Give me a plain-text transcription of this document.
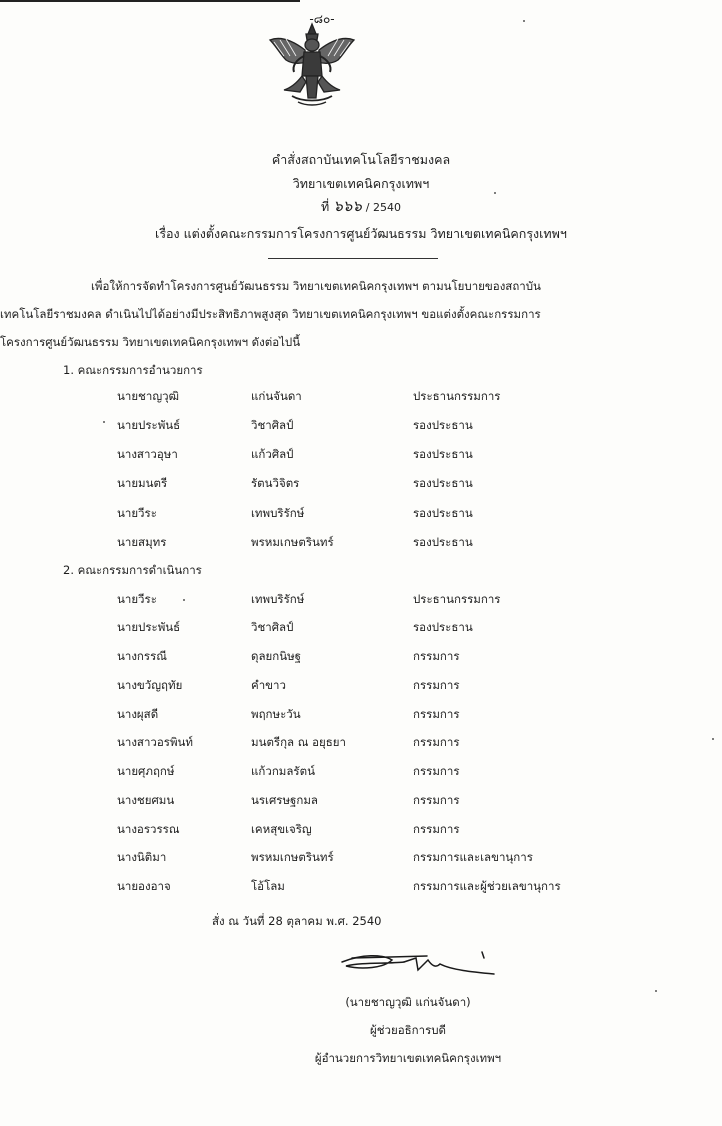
-๘๐-
คำสั่งสถาบันเทคโนโลยีราชมงคล
วิทยาเขตเทคนิคกรุงเทพฯ
ที่ ๖๖๖ / 2540
เรื่อง แต่งตั้งคณะกรรมการโครงการศูนย์วัฒนธรรม วิทยาเขตเทคนิคกรุงเทพฯ
เพื่อให้การจัดทำโครงการศูนย์วัฒนธรรม วิทยาเขตเทคนิคกรุงเทพฯ ตามนโยบายของสถาบัน
เทคโนโลยีราชมงคล ดำเนินไปได้อย่างมีประสิทธิภาพสูงสุด วิทยาเขตเทคนิคกรุงเทพฯ ขอแต่งตั้งคณะกรรมการ
โครงการศูนย์วัฒนธรรม วิทยาเขตเทคนิคกรุงเทพฯ ดังต่อไปนี้
1. คณะกรรมการอำนวยการ
นายชาญวุฒิ	แก่นจันดา	ประธานกรรมการ
นายประพันธ์	วิชาศิลป์	รองประธาน
นางสาวอุษา	แก้วศิลป์	รองประธาน
นายมนตรี	รัตนวิจิตร	รองประธาน
นายวีระ	เทพบริรักษ์	รองประธาน
นายสมุทร	พรหมเกษตรินทร์	รองประธาน
2. คณะกรรมการดำเนินการ
นายวีระ	เทพบริรักษ์	ประธานกรรมการ
นายประพันธ์	วิชาศิลป์	รองประธาน
นางกรรณี	ดุลยกนิษฐ	กรรมการ
นางขวัญฤทัย	คำขาว	กรรมการ
นางผุสดี	พฤกษะวัน	กรรมการ
นางสาวอรพินท์	มนตรีกุล ณ อยุธยา	กรรมการ
นายศุภฤกษ์	แก้วกมลรัตน์	กรรมการ
นางชยศมน	นรเศรษฐกมล	กรรมการ
นางอรวรรณ	เคหสุขเจริญ	กรรมการ
นางนิติมา	พรหมเกษตรินทร์	กรรมการและเลขานุการ
นายองอาจ	โอ้โลม	กรรมการและผู้ช่วยเลขานุการ
สั่ง ณ วันที่ 28 ตุลาคม พ.ศ. 2540
(นายชาญวุฒิ แก่นจันดา)
ผู้ช่วยอธิการบดี
ผู้อำนวยการวิทยาเขตเทคนิคกรุงเทพฯ
